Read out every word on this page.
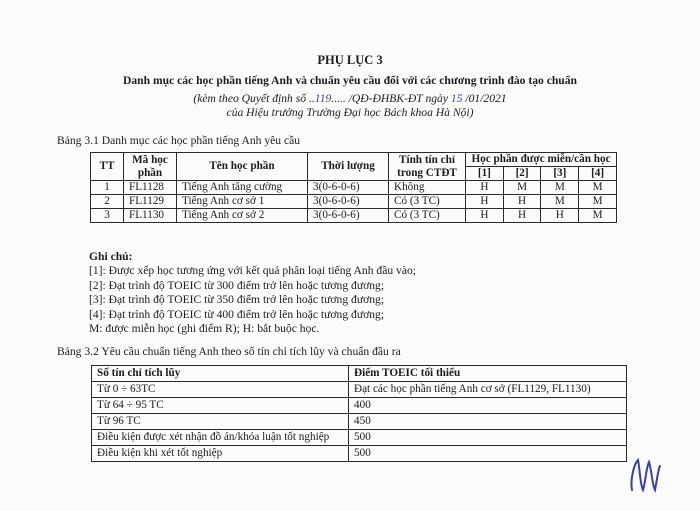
PHỤ LỤC 3
Danh mục các học phần tiếng Anh và chuẩn yêu cầu đối với các chương trình đào tạo chuẩn
(kèm theo Quyết định số ..119..... /QĐ-ĐHBK-ĐT ngày 15 /01/2021
của Hiệu trưởng Trường Đại học Bách khoa Hà Nội)
Bảng 3.1 Danh mục các học phần tiếng Anh yêu cầu
TT	Mã học phần	Tên học phần	Thời lượng	Tính tín chỉ trong CTĐT	Học phần được miễn/cần học			
					[1]	[2]	[3]	[4]
1	FL1128	Tiếng Anh tăng cường	3(0-6-0-6)	Không	H	M	M	M
2	FL1129	Tiếng Anh cơ sở 1	3(0-6-0-6)	Có (3 TC)	H	H	M	M
3	FL1130	Tiếng Anh cơ sở 2	3(0-6-0-6)	Có (3 TC)	H	H	H	M
Ghi chú:
[1]: Được xếp học tương ứng với kết quả phân loại tiếng Anh đầu vào;
[2]: Đạt trình độ TOEIC từ 300 điểm trở lên hoặc tương đương;
[3]: Đạt trình độ TOEIC từ 350 điểm trở lên hoặc tương đương;
[4]: Đạt trình độ TOEIC từ 400 điểm trở lên hoặc tương đương;
M: được miễn học (ghi điểm R); H: bắt buộc học.
Bảng 3.2 Yêu cầu chuẩn tiếng Anh theo số tín chỉ tích lũy và chuẩn đầu ra
Số tín chỉ tích lũy	Điểm TOEIC tối thiểu
Từ 0 ÷ 63TC	Đạt các học phần tiếng Anh cơ sở (FL1129, FL1130)
Từ 64 ÷ 95 TC	400
Từ 96 TC	450
Điều kiện được xét nhận đồ án/khóa luận tốt nghiệp	500
Điều kiện khi xét tốt nghiệp	500
